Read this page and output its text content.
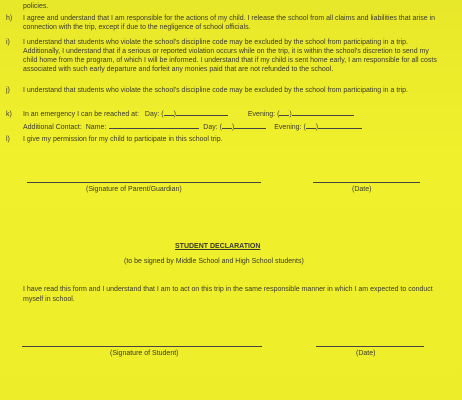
policies.
h)	I agree and understand that I am responsible for the actions of my child. I release the school from all claims and liabilities that arise in connection with the trip, except if due to the negligence of school officials.
i)	I understand that students who violate the school's discipline code may be excluded by the school from participating in a trip. Additionally, I understand that if a serious or reported violation occurs while on the trip, it is within the school's discretion to send my child home from the program, of which I will be informed. I understand that if my child is sent home early, I am responsible for all costs associated with such early departure and forfeit any monies paid that are not refunded to the school.
j)	I understand that students who violate the school's discipline code may be excluded by the school from participating in a trip.
k) In an emergency I can be reached at: Day: ( )	Evening: ( )
Additional Contact: Name:	Day: ( )	Evening: ( )
l) I give my permission for my child to participate in this school trip.
(Signature of Parent/Guardian)	(Date)
STUDENT DECLARATION
(to be signed by Middle School and High School students)
I have read this form and I understand that I am to act on this trip in the same responsible manner in which I am expected to conduct myself in school.
(Signature of Student)	(Date)
